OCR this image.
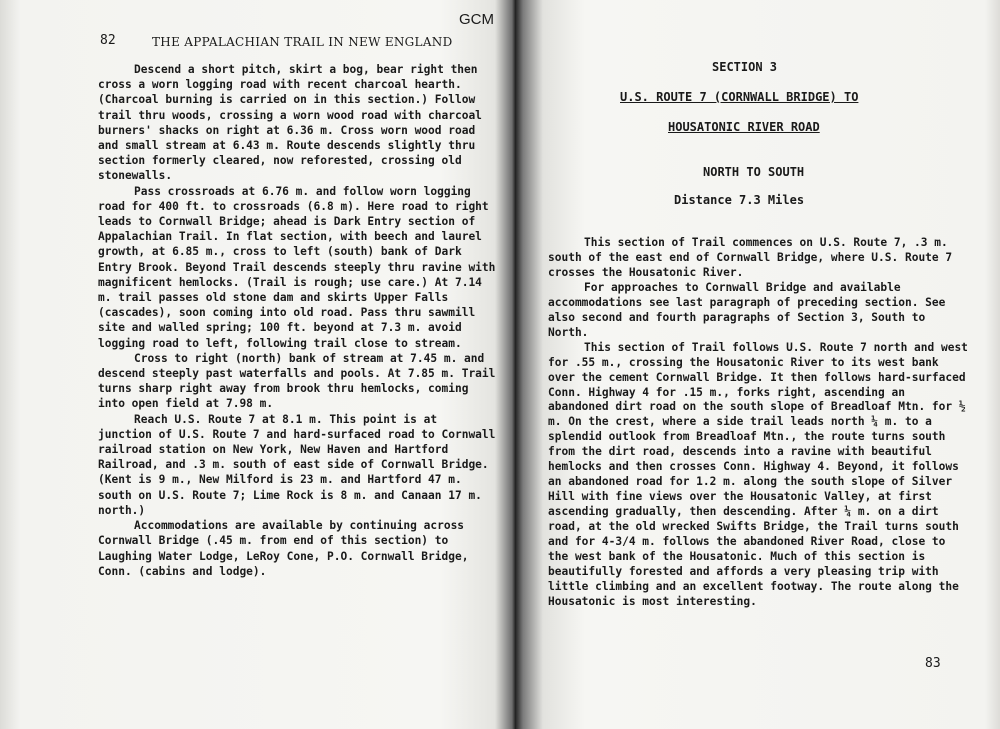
82	THE APPALACHIAN TRAIL IN NEW ENGLAND
GCM

Descend a short pitch, skirt a bog, bear right then cross a worn logging road with recent charcoal hearth. (Charcoal burning is carried on in this section.) Follow trail thru woods, crossing a worn wood road with charcoal burners' shacks on right at 6.36 m. Cross worn wood road and small stream at 6.43 m. Route descends slightly thru section formerly cleared, now reforested, crossing old stonewalls.

Pass crossroads at 6.76 m. and follow worn logging road for 400 ft. to crossroads (6.8 m). Here road to right leads to Cornwall Bridge; ahead is Dark Entry section of Appalachian Trail. In flat section, with beech and laurel growth, at 6.85 m., cross to left (south) bank of Dark Entry Brook. Beyond Trail descends steeply thru ravine with magnificent hemlocks. (Trail is rough; use care.) At 7.14 m. trail passes old stone dam and skirts Upper Falls (cascades), soon coming into old road. Pass thru sawmill site and walled spring; 100 ft. beyond at 7.3 m. avoid logging road to left, following trail close to stream.

Cross to right (north) bank of stream at 7.45 m. and descend steeply past waterfalls and pools. At 7.85 m. Trail turns sharp right away from brook thru hemlocks, coming into open field at 7.98 m.

Reach U.S. Route 7 at 8.1 m. This point is at junction of U.S. Route 7 and hard-surfaced road to Cornwall railroad station on New York, New Haven and Hartford Railroad, and .3 m. south of east side of Cornwall Bridge. (Kent is 9 m., New Milford is 23 m. and Hartford 47 m. south on U.S. Route 7; Lime Rock is 8 m. and Canaan 17 m. north.)

Accommodations are available by continuing across Cornwall Bridge (.45 m. from end of this section) to Laughing Water Lodge, LeRoy Cone, P.O. Cornwall Bridge, Conn. (cabins and lodge).

SECTION 3
U.S. ROUTE 7 (CORNWALL BRIDGE) TO
HOUSATONIC RIVER ROAD
NORTH TO SOUTH
Distance 7.3 Miles

This section of Trail commences on U.S. Route 7, .3 m. south of the east end of Cornwall Bridge, where U.S. Route 7 crosses the Housatonic River.

For approaches to Cornwall Bridge and available accommodations see last paragraph of preceding section. See also second and fourth paragraphs of Section 3, South to North.

This section of Trail follows U.S. Route 7 north and west for .55 m., crossing the Housatonic River to its west bank over the cement Cornwall Bridge. It then follows hard-surfaced Conn. Highway 4 for .15 m., forks right, ascending an abandoned dirt road on the south slope of Breadloaf Mtn. for ½ m. On the crest, where a side trail leads north ¼ m. to a splendid outlook from Breadloaf Mtn., the route turns south from the dirt road, descends into a ravine with beautiful hemlocks and then crosses Conn. Highway 4. Beyond, it follows an abandoned road for 1.2 m. along the south slope of Silver Hill with fine views over the Housatonic Valley, at first ascending gradually, then descending. After ¼ m. on a dirt road, at the old wrecked Swifts Bridge, the Trail turns south and for 4-3/4 m. follows the abandoned River Road, close to the west bank of the Housatonic. Much of this section is beautifully forested and affords a very pleasing trip with little climbing and an excellent footway. The route along the Housatonic is most interesting.

83
